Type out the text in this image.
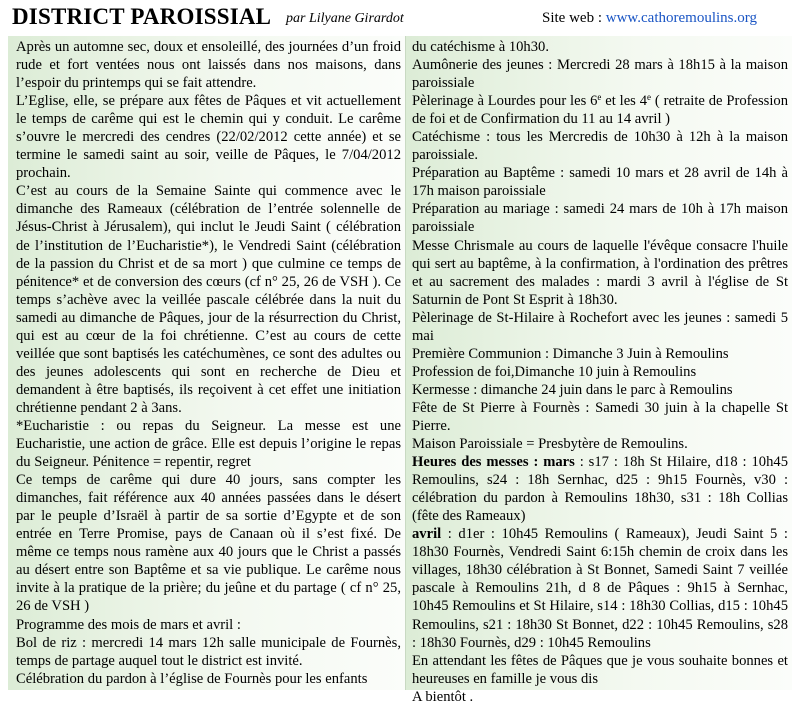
DISTRICT PAROISSIAL par Lilyane Girardot	Site web : www.cathoremoulins.org

Après un automne sec, doux et ensoleillé, des journées d’un froid rude et fort ventées nous ont laissés dans nos maisons, dans l’espoir du printemps qui se fait attendre.

L’Eglise, elle, se prépare aux fêtes de Pâques et vit actuellement le temps de carême qui est le chemin qui y conduit. Le carême s’ouvre le mercredi des cendres (22/02/2012 cette année) et se termine le samedi saint au soir, veille de Pâques, le 7/04/2012 prochain.

C’est au cours de la Semaine Sainte qui commence avec le dimanche des Rameaux (célébration de l’entrée solennelle de Jésus-Christ à Jérusalem), qui inclut le Jeudi Saint ( célébration de l’institution de l’Eucharistie*), le Vendredi Saint (célébration de la passion du Christ et de sa mort ) que culmine ce temps de pénitence* et de conversion des cœurs (cf n° 25, 26 de VSH ). Ce temps s’achève avec la veillée pascale célébrée dans la nuit du samedi au dimanche de Pâques, jour de la résurrection du Christ, qui est au cœur de la foi chrétienne. C’est au cours de cette veillée que sont baptisés les catéchumènes, ce sont des adultes ou des jeunes adolescents qui sont en recherche de Dieu et demandent à être baptisés, ils reçoivent à cet effet une initiation chrétienne pendant 2 à 3ans.

*Eucharistie : ou repas du Seigneur. La messe est une Eucharistie, une action de grâce. Elle est depuis l’origine le repas du Seigneur. Pénitence = repentir, regret

Ce temps de carême qui dure 40 jours, sans compter les dimanches, fait référence aux 40 années passées dans le désert par le peuple d’Israël à partir de sa sortie d’Egypte et de son entrée en Terre Promise, pays de Canaan où il s’est fixé. De même ce temps nous ramène aux 40 jours que le Christ a passés au désert entre son Baptême et sa vie publique. Le carême nous invite à la pratique de la prière; du jeûne et du partage ( cf n° 25, 26 de VSH )

Programme des mois de mars et avril :

Bol de riz : mercredi 14 mars 12h salle municipale de Fournès, temps de partage auquel tout le district est invité.

Célébration du pardon à l’église de Fournès pour les enfants

du catéchisme à 10h30.

Aumônerie des jeunes : Mercredi 28 mars à 18h15 à la maison paroissiale

Pèlerinage à Lourdes pour les 6e et les 4e ( retraite de Profession de foi et de Confirmation du 11 au 14 avril )

Catéchisme : tous les Mercredis de 10h30 à 12h à la maison paroissiale.

Préparation au Baptême : samedi 10 mars et 28 avril de 14h à 17h maison paroissiale

Préparation au mariage : samedi 24 mars de 10h à 17h maison paroissiale

Messe Chrismale au cours de laquelle l'évêque consacre l'huile qui sert au baptême, à la confirmation, à l'ordination des prêtres et au sacrement des malades : mardi 3 avril à l'église de St Saturnin de Pont St Esprit à 18h30.

Pèlerinage de St-Hilaire à Rochefort avec les jeunes : samedi 5 mai

Première Communion : Dimanche 3 Juin à Remoulins

Profession de foi,Dimanche 10 juin à Remoulins

Kermesse : dimanche 24 juin dans le parc à Remoulins

Fête de St Pierre à Fournès : Samedi 30 juin à la chapelle St Pierre.

Maison Paroissiale = Presbytère de Remoulins.

Heures des messes : mars : s17 : 18h St Hilaire, d18 : 10h45 Remoulins, s24 : 18h Sernhac, d25 : 9h15 Fournès, v30 : célébration du pardon à Remoulins 18h30, s31 : 18h Collias (fête des Rameaux)

avril : d1er : 10h45 Remoulins ( Rameaux), Jeudi Saint 5 : 18h30 Fournès, Vendredi Saint 6:15h chemin de croix dans les villages, 18h30 célébration à St Bonnet, Samedi Saint 7 veillée pascale à Remoulins 21h, d 8 de Pâques : 9h15 à Sernhac, 10h45 Remoulins et St Hilaire, s14 : 18h30 Collias, d15 : 10h45 Remoulins, s21 : 18h30 St Bonnet, d22 : 10h45 Remoulins, s28 : 18h30 Fournès, d29 : 10h45 Remoulins

En attendant les fêtes de Pâques que je vous souhaite bonnes et heureuses en famille je vous dis

A bientôt .
